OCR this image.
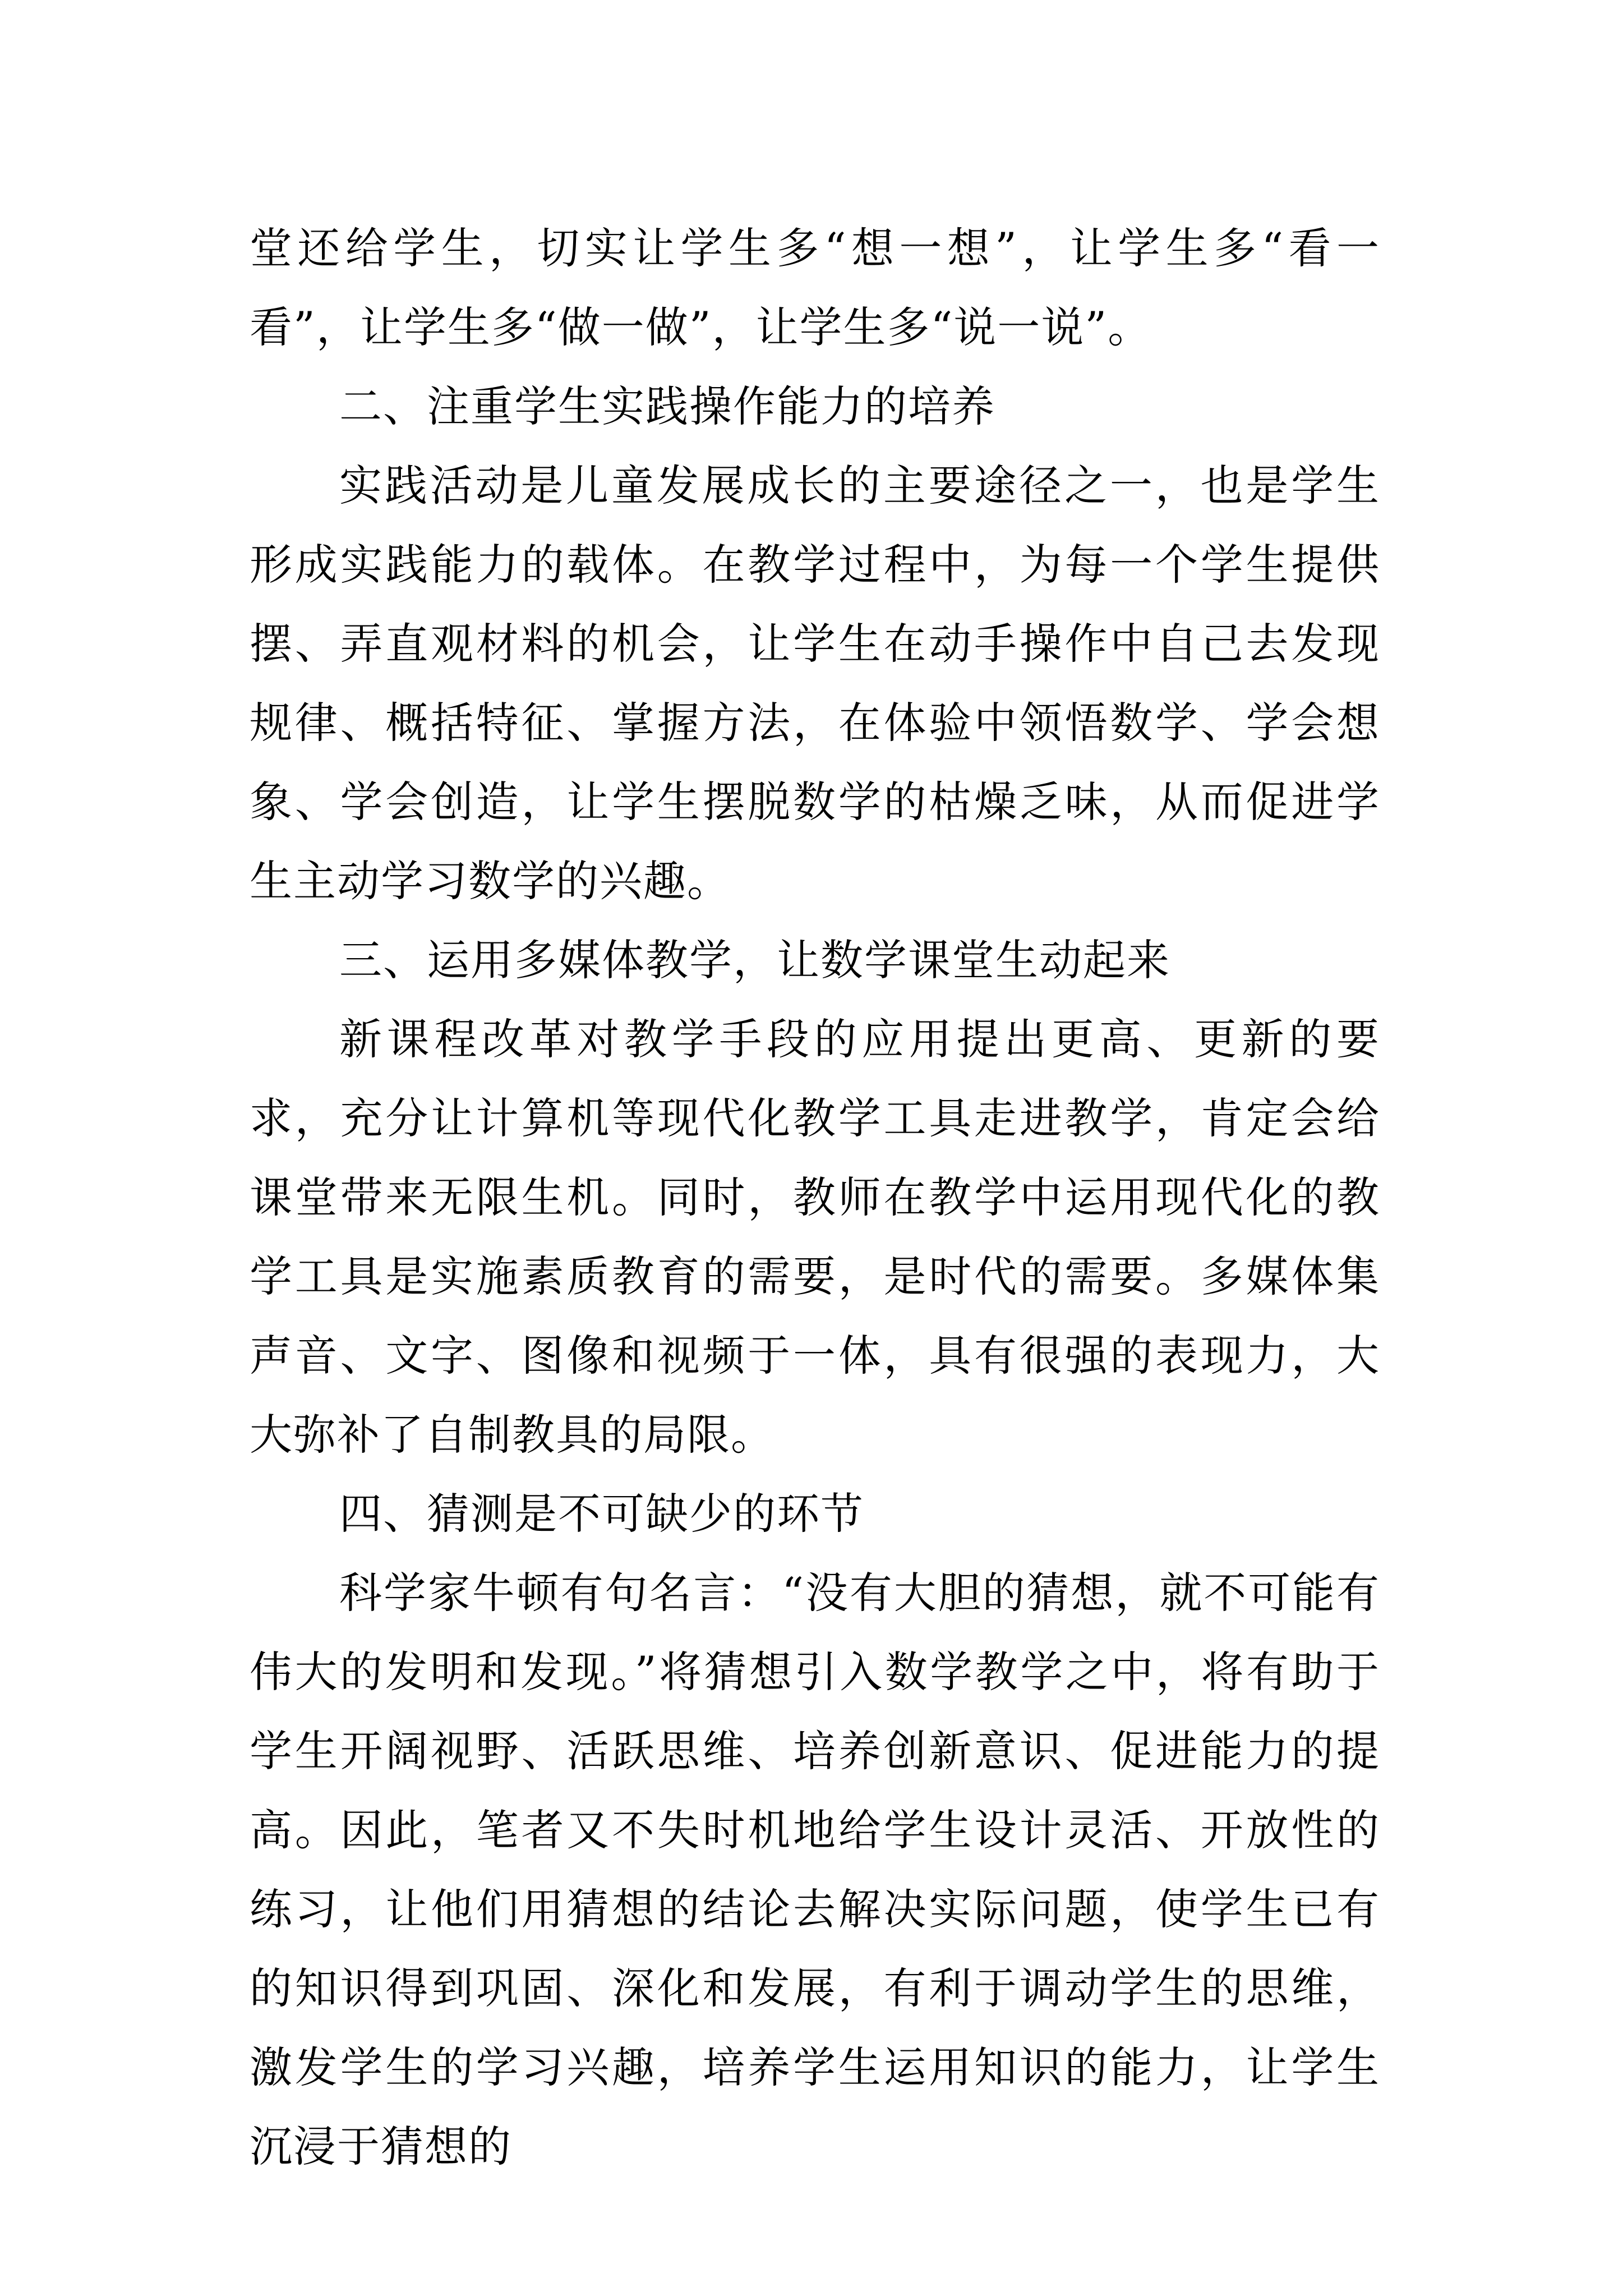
堂还给学生，切实让学生多“想一想”，让学生多“看一看”，让学生多“做一做”，让学生多“说一说”。

二、注重学生实践操作能力的培养

实践活动是儿童发展成长的主要途径之一，也是学生形成实践能力的载体。在教学过程中，为每一个学生提供摆、弄直观材料的机会，让学生在动手操作中自己去发现规律、概括特征、掌握方法，在体验中领悟数学、学会想象、学会创造，让学生摆脱数学的枯燥乏味，从而促进学生主动学习数学的兴趣。

三、运用多媒体教学，让数学课堂生动起来

新课程改革对教学手段的应用提出更高、更新的要求，充分让计算机等现代化教学工具走进教学，肯定会给课堂带来无限生机。同时，教师在教学中运用现代化的教学工具是实施素质教育的需要，是时代的需要。多媒体集声音、文字、图像和视频于一体，具有很强的表现力，大大弥补了自制教具的局限。

四、猜测是不可缺少的环节

科学家牛顿有句名言：“没有大胆的猜想，就不可能有伟大的发明和发现。”将猜想引入数学教学之中，将有助于学生开阔视野、活跃思维、培养创新意识、促进能力的提高。因此，笔者又不失时机地给学生设计灵活、开放性的练习，让他们用猜想的结论去解决实际问题，使学生已有的知识得到巩固、深化和发展，有利于调动学生的思维，激发学生的学习兴趣，培养学生运用知识的能力，让学生沉浸于猜想的
